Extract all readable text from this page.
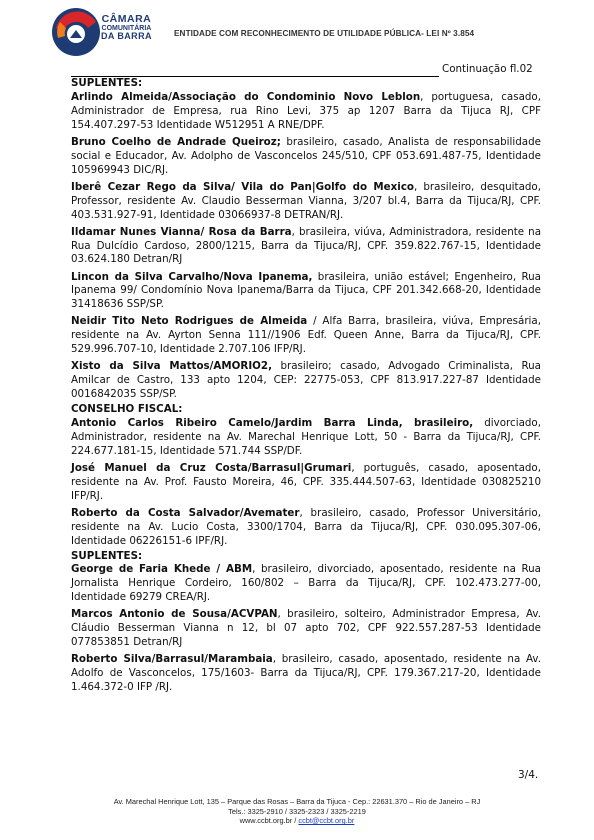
CÂMARA
COMUNITÁRIA
DA BARRA	ENTIDADE COM RECONHECIMENTO DE UTILIDADE PÚBLICA- LEI Nº 3.854
Continuação fl.02
SUPLENTES:

Arlindo Almeida/Associação do Condominio Novo Leblon, portuguesa, casado, Administrador de Empresa, rua Rino Levi, 375 ap 1207 Barra da Tijuca RJ, CPF 154.407.297-53 Identidade W512951 A RNE/DPF.

Bruno Coelho de Andrade Queiroz; brasileiro, casado, Analista de responsabilidade social e Educador, Av. Adolpho de Vasconcelos 245/510, CPF 053.691.487-75, Identidade 105969943 DIC/RJ.

Iberê Cezar Rego da Silva/ Vila do Pan|Golfo do Mexico, brasileiro, desquitado, Professor, residente Av. Claudio Besserman Vianna, 3/207 bl.4, Barra da Tijuca/RJ, CPF. 403.531.927-91, Identidade 03066937-8 DETRAN/RJ.

Ildamar Nunes Vianna/ Rosa da Barra, brasileira, viúva, Administradora, residente na Rua Dulcídio Cardoso, 2800/1215, Barra da Tijuca/RJ, CPF. 359.822.767-15, Identidade 03.624.180 Detran/RJ

Lincon da Silva Carvalho/Nova Ipanema, brasileira, união estável; Engenheiro, Rua Ipanema 99/ Condomínio Nova Ipanema/Barra da Tijuca, CPF 201.342.668-20, Identidade 31418636 SSP/SP.

Neidir Tito Neto Rodrigues de Almeida / Alfa Barra, brasileira, viúva, Empresária, residente na Av. Ayrton Senna 111//1906 Edf. Queen Anne, Barra da Tijuca/RJ, CPF. 529.996.707-10, Identidade 2.707.106 IFP/RJ.

Xisto da Silva Mattos/AMORIO2, brasileiro; casado, Advogado Criminalista, Rua Amilcar de Castro, 133 apto 1204, CEP: 22775-053, CPF 813.917.227-87 Identidade 0016842035 SSP/SP.

CONSELHO FISCAL:

Antonio Carlos Ribeiro Camelo/Jardim Barra Linda, brasileiro, divorciado, Administrador, residente na Av. Marechal Henrique Lott, 50 - Barra da Tijuca/RJ, CPF. 224.677.181-15, Identidade 571.744 SSP/DF.

José Manuel da Cruz Costa/Barrasul|Grumari, português, casado, aposentado, residente na Av. Prof. Fausto Moreira, 46, CPF. 335.444.507-63, Identidade 030825210 IFP/RJ.

Roberto da Costa Salvador/Avemater, brasileiro, casado, Professor Universitário, residente na Av. Lucio Costa, 3300/1704, Barra da Tijuca/RJ, CPF. 030.095.307-06, Identidade 06226151-6 IPF/RJ.

SUPLENTES:

George de Faria Khede / ABM, brasileiro, divorciado, aposentado, residente na Rua Jornalista Henrique Cordeiro, 160/802 – Barra da Tijuca/RJ, CPF. 102.473.277-00, Identidade 69279 CREA/RJ.

Marcos Antonio de Sousa/ACVPAN, brasileiro, solteiro, Administrador Empresa, Av. Cláudio Besserman Vianna n 12, bl 07 apto 702, CPF 922.557.287-53 Identidade 077853851 Detran/RJ

Roberto Silva/Barrasul/Marambaia, brasileiro, casado, aposentado, residente na Av. Adolfo de Vasconcelos, 175/1603- Barra da Tijuca/RJ, CPF. 179.367.217-20, Identidade 1.464.372-0 IFP /RJ.

3/4.
Av. Marechal Henrique Lott, 135 – Parque das Rosas – Barra da Tijuca - Cep.: 22631.370 – Rio de Janeiro – RJ
Tels.: 3325-2910 / 3325-2323 / 3325-2219
www.ccbt.org.br / ccbt@ccbt.org.br
